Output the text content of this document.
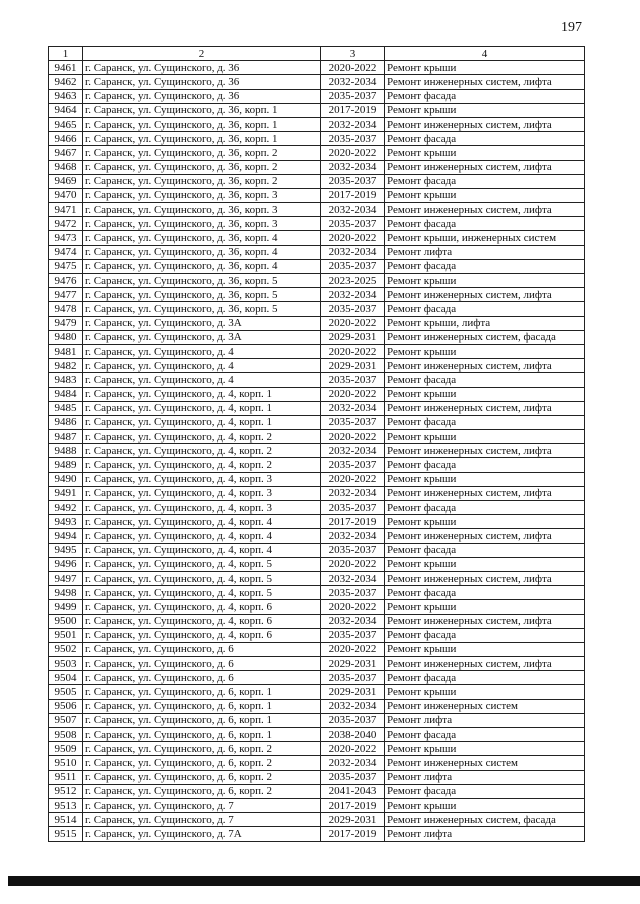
197
1	2	3	4
9461	г. Саранск, ул. Сущинского, д. 36	2020-2022	Ремонт крыши
9462	г. Саранск, ул. Сущинского, д. 36	2032-2034	Ремонт инженерных систем, лифта
9463	г. Саранск, ул. Сущинского, д. 36	2035-2037	Ремонт фасада
9464	г. Саранск, ул. Сущинского, д. 36, корп. 1	2017-2019	Ремонт крыши
9465	г. Саранск, ул. Сущинского, д. 36, корп. 1	2032-2034	Ремонт инженерных систем, лифта
9466	г. Саранск, ул. Сущинского, д. 36, корп. 1	2035-2037	Ремонт фасада
9467	г. Саранск, ул. Сущинского, д. 36, корп. 2	2020-2022	Ремонт крыши
9468	г. Саранск, ул. Сущинского, д. 36, корп. 2	2032-2034	Ремонт инженерных систем, лифта
9469	г. Саранск, ул. Сущинского, д. 36, корп. 2	2035-2037	Ремонт фасада
9470	г. Саранск, ул. Сущинского, д. 36, корп. 3	2017-2019	Ремонт крыши
9471	г. Саранск, ул. Сущинского, д. 36, корп. 3	2032-2034	Ремонт инженерных систем, лифта
9472	г. Саранск, ул. Сущинского, д. 36, корп. 3	2035-2037	Ремонт фасада
9473	г. Саранск, ул. Сущинского, д. 36, корп. 4	2020-2022	Ремонт крыши, инженерных систем
9474	г. Саранск, ул. Сущинского, д. 36, корп. 4	2032-2034	Ремонт лифта
9475	г. Саранск, ул. Сущинского, д. 36, корп. 4	2035-2037	Ремонт фасада
9476	г. Саранск, ул. Сущинского, д. 36, корп. 5	2023-2025	Ремонт крыши
9477	г. Саранск, ул. Сущинского, д. 36, корп. 5	2032-2034	Ремонт инженерных систем, лифта
9478	г. Саранск, ул. Сущинского, д. 36, корп. 5	2035-2037	Ремонт фасада
9479	г. Саранск, ул. Сущинского, д. 3А	2020-2022	Ремонт крыши, лифта
9480	г. Саранск, ул. Сущинского, д. 3А	2029-2031	Ремонт инженерных систем, фасада
9481	г. Саранск, ул. Сущинского, д. 4	2020-2022	Ремонт крыши
9482	г. Саранск, ул. Сущинского, д. 4	2029-2031	Ремонт инженерных систем, лифта
9483	г. Саранск, ул. Сущинского, д. 4	2035-2037	Ремонт фасада
9484	г. Саранск, ул. Сущинского, д. 4, корп. 1	2020-2022	Ремонт крыши
9485	г. Саранск, ул. Сущинского, д. 4, корп. 1	2032-2034	Ремонт инженерных систем, лифта
9486	г. Саранск, ул. Сущинского, д. 4, корп. 1	2035-2037	Ремонт фасада
9487	г. Саранск, ул. Сущинского, д. 4, корп. 2	2020-2022	Ремонт крыши
9488	г. Саранск, ул. Сущинского, д. 4, корп. 2	2032-2034	Ремонт инженерных систем, лифта
9489	г. Саранск, ул. Сущинского, д. 4, корп. 2	2035-2037	Ремонт фасада
9490	г. Саранск, ул. Сущинского, д. 4, корп. 3	2020-2022	Ремонт крыши
9491	г. Саранск, ул. Сущинского, д. 4, корп. 3	2032-2034	Ремонт инженерных систем, лифта
9492	г. Саранск, ул. Сущинского, д. 4, корп. 3	2035-2037	Ремонт фасада
9493	г. Саранск, ул. Сущинского, д. 4, корп. 4	2017-2019	Ремонт крыши
9494	г. Саранск, ул. Сущинского, д. 4, корп. 4	2032-2034	Ремонт инженерных систем, лифта
9495	г. Саранск, ул. Сущинского, д. 4, корп. 4	2035-2037	Ремонт фасада
9496	г. Саранск, ул. Сущинского, д. 4, корп. 5	2020-2022	Ремонт крыши
9497	г. Саранск, ул. Сущинского, д. 4, корп. 5	2032-2034	Ремонт инженерных систем, лифта
9498	г. Саранск, ул. Сущинского, д. 4, корп. 5	2035-2037	Ремонт фасада
9499	г. Саранск, ул. Сущинского, д. 4, корп. 6	2020-2022	Ремонт крыши
9500	г. Саранск, ул. Сущинского, д. 4, корп. 6	2032-2034	Ремонт инженерных систем, лифта
9501	г. Саранск, ул. Сущинского, д. 4, корп. 6	2035-2037	Ремонт фасада
9502	г. Саранск, ул. Сущинского, д. 6	2020-2022	Ремонт крыши
9503	г. Саранск, ул. Сущинского, д. 6	2029-2031	Ремонт инженерных систем, лифта
9504	г. Саранск, ул. Сущинского, д. 6	2035-2037	Ремонт фасада
9505	г. Саранск, ул. Сущинского, д. 6, корп. 1	2029-2031	Ремонт крыши
9506	г. Саранск, ул. Сущинского, д. 6, корп. 1	2032-2034	Ремонт инженерных систем
9507	г. Саранск, ул. Сущинского, д. 6, корп. 1	2035-2037	Ремонт лифта
9508	г. Саранск, ул. Сущинского, д. 6, корп. 1	2038-2040	Ремонт фасада
9509	г. Саранск, ул. Сущинского, д. 6, корп. 2	2020-2022	Ремонт крыши
9510	г. Саранск, ул. Сущинского, д. 6, корп. 2	2032-2034	Ремонт инженерных систем
9511	г. Саранск, ул. Сущинского, д. 6, корп. 2	2035-2037	Ремонт лифта
9512	г. Саранск, ул. Сущинского, д. 6, корп. 2	2041-2043	Ремонт фасада
9513	г. Саранск, ул. Сущинского, д. 7	2017-2019	Ремонт крыши
9514	г. Саранск, ул. Сущинского, д. 7	2029-2031	Ремонт инженерных систем, фасада
9515	г. Саранск, ул. Сущинского, д. 7А	2017-2019	Ремонт лифта
